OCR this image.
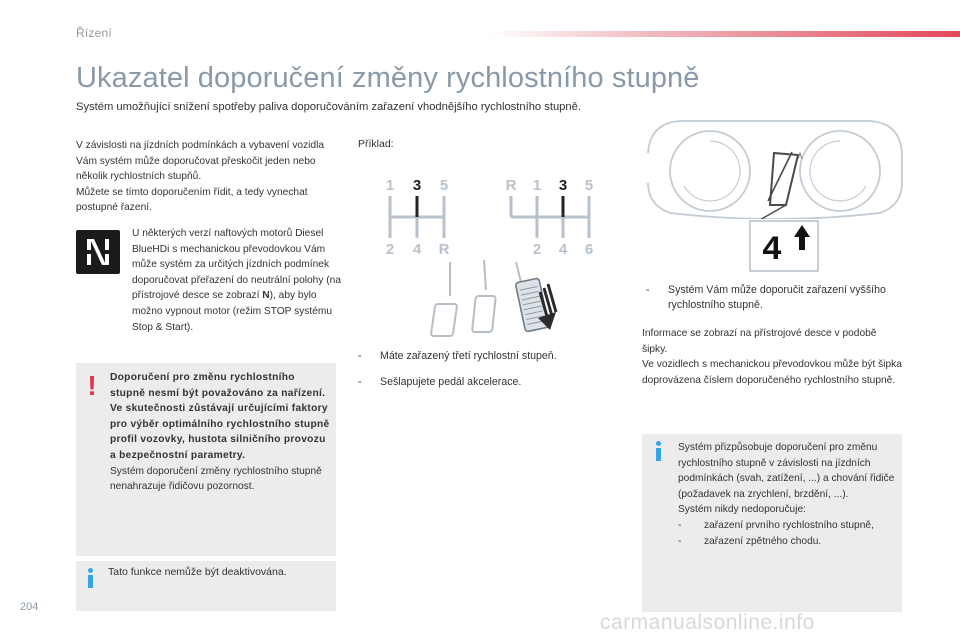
Řízení
Ukazatel doporučení změny rychlostního stupně

Systém umožňující snížení spotřeby paliva doporučováním zařazení vhodnějšího rychlostního stupně.

V závislosti na jízdních podmínkách a vybavení vozidla Vám systém může doporučovat přeskočit jeden nebo několik rychlostních stupňů.
Můžete se tímto doporučením řídit, a tedy vynechat postupné řazení.
U některých verzí naftových motorů Diesel BlueHDi s mechanickou převodovkou Vám může systém za určitých jízdních podmínek doporučovat přeřazení do neutrální polohy (na přístrojové desce se zobrazí N), aby bylo možno vypnout motor (režim STOP systému Stop & Start).
!	Doporučení pro změnu rychlostního stupně nesmí být považováno za nařízení.
Ve skutečnosti zůstávají určujícími faktory pro výběr optimálního rychlostního stupně profil vozovky, hustota silničního provozu a bezpečnostní parametry.
Systém doporučení změny rychlostního stupně nenahrazuje řidičovu pozornost.
Tato funkce nemůže být deaktivována.
Příklad:
1 3 5
2 4 R
R 1 3 5
2 4 6
-	Máte zařazený třetí rychlostní stupeň.
-	Sešlapujete pedál akcelerace.
4
-	Systém Vám může doporučit zařazení vyššího rychlostního stupně.
Informace se zobrazí na přístrojové desce v podobě šipky.
Ve vozidlech s mechanickou převodovkou může být šipka doprovázena číslem doporučeného rychlostního stupně.
Systém přizpůsobuje doporučení pro změnu rychlostního stupně v závislosti na jízdních podmínkách (svah, zatížení, ...) a chování řidiče (požadavek na zrychlení, brzdění, ...).
Systém nikdy nedoporučuje:
- zařazení prvního rychlostního stupně,
- zařazení zpětného chodu.
204
carmanualsonline.info
